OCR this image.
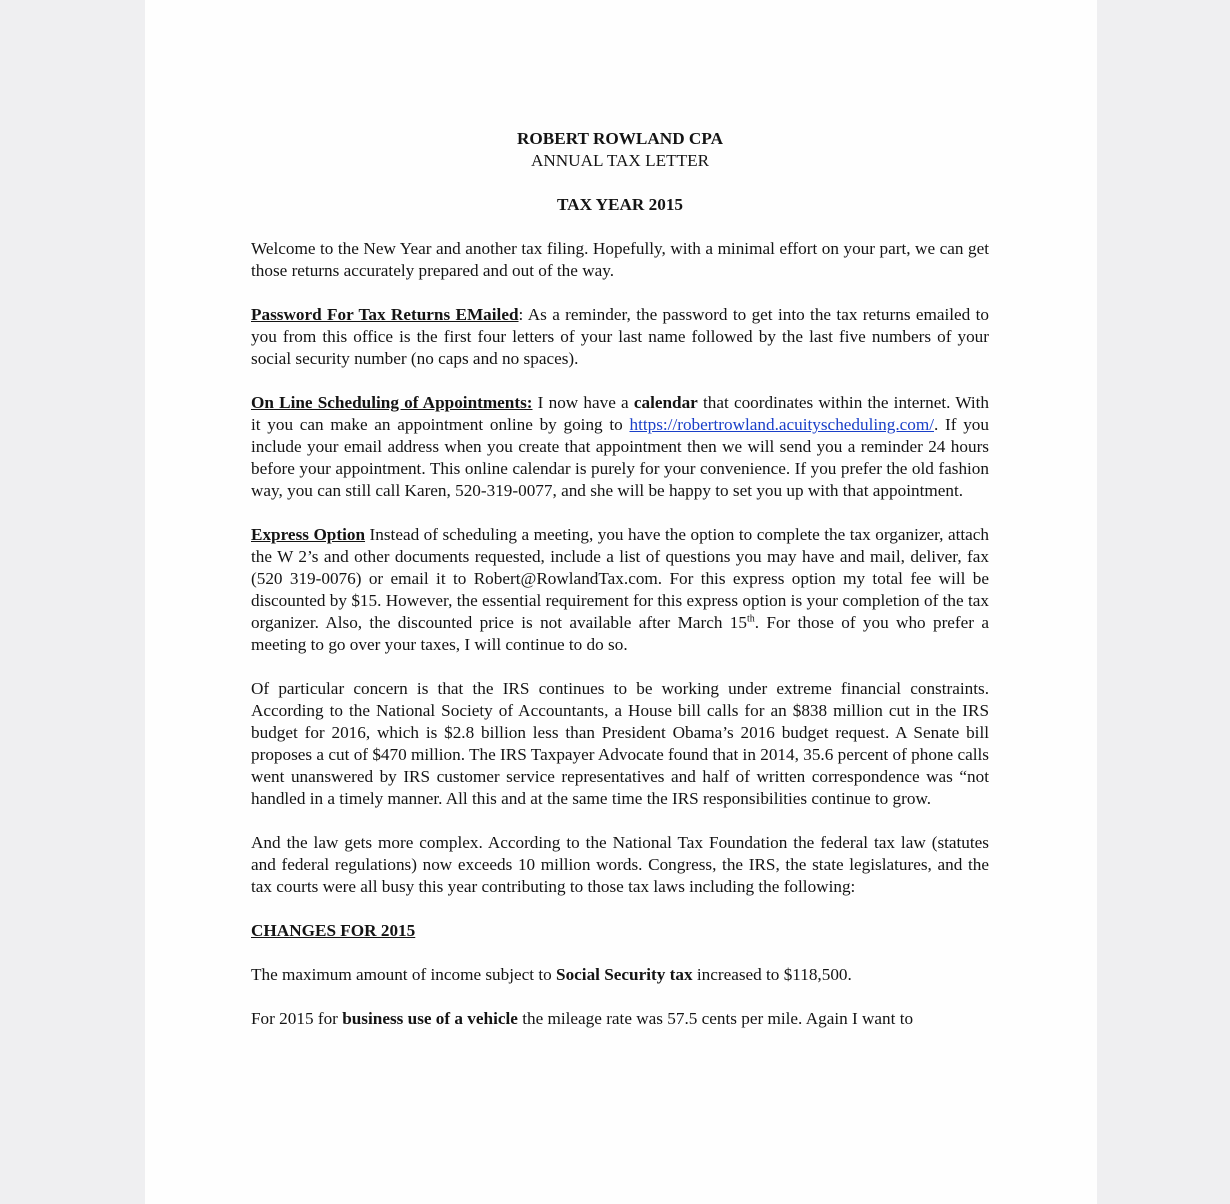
ROBERT ROWLAND CPA

ANNUAL TAX LETTER

TAX YEAR 2015

Welcome to the New Year and another tax filing. Hopefully, with a minimal effort on your part, we can get those returns accurately prepared and out of the way.

Password For Tax Returns EMailed: As a reminder, the password to get into the tax returns emailed to you from this office is the first four letters of your last name followed by the last five numbers of your social security number (no caps and no spaces).

On Line Scheduling of Appointments: I now have a calendar that coordinates within the internet. With it you can make an appointment online by going to https://robertrowland.acuityscheduling.com/. If you include your email address when you create that appointment then we will send you a reminder 24 hours before your appointment. This online calendar is purely for your convenience. If you prefer the old fashion way, you can still call Karen, 520-319-0077, and she will be happy to set you up with that appointment.

Express Option Instead of scheduling a meeting, you have the option to complete the tax organizer, attach the W 2’s and other documents requested, include a list of questions you may have and mail, deliver, fax (520 319-0076) or email it to Robert@RowlandTax.com. For this express option my total fee will be discounted by $15. However, the essential requirement for this express option is your completion of the tax organizer. Also, the discounted price is not available after March 15th. For those of you who prefer a meeting to go over your taxes, I will continue to do so.

Of particular concern is that the IRS continues to be working under extreme financial constraints. According to the National Society of Accountants, a House bill calls for an $838 million cut in the IRS budget for 2016, which is $2.8 billion less than President Obama’s 2016 budget request. A Senate bill proposes a cut of $470 million. The IRS Taxpayer Advocate found that in 2014, 35.6 percent of phone calls went unanswered by IRS customer service representatives and half of written correspondence was “not handled in a timely manner. All this and at the same time the IRS responsibilities continue to grow.

And the law gets more complex. According to the National Tax Foundation the federal tax law (statutes and federal regulations) now exceeds 10 million words. Congress, the IRS, the state legislatures, and the tax courts were all busy this year contributing to those tax laws including the following:

CHANGES FOR 2015

The maximum amount of income subject to Social Security tax increased to $118,500.

For 2015 for business use of a vehicle the mileage rate was 57.5 cents per mile. Again I want to
